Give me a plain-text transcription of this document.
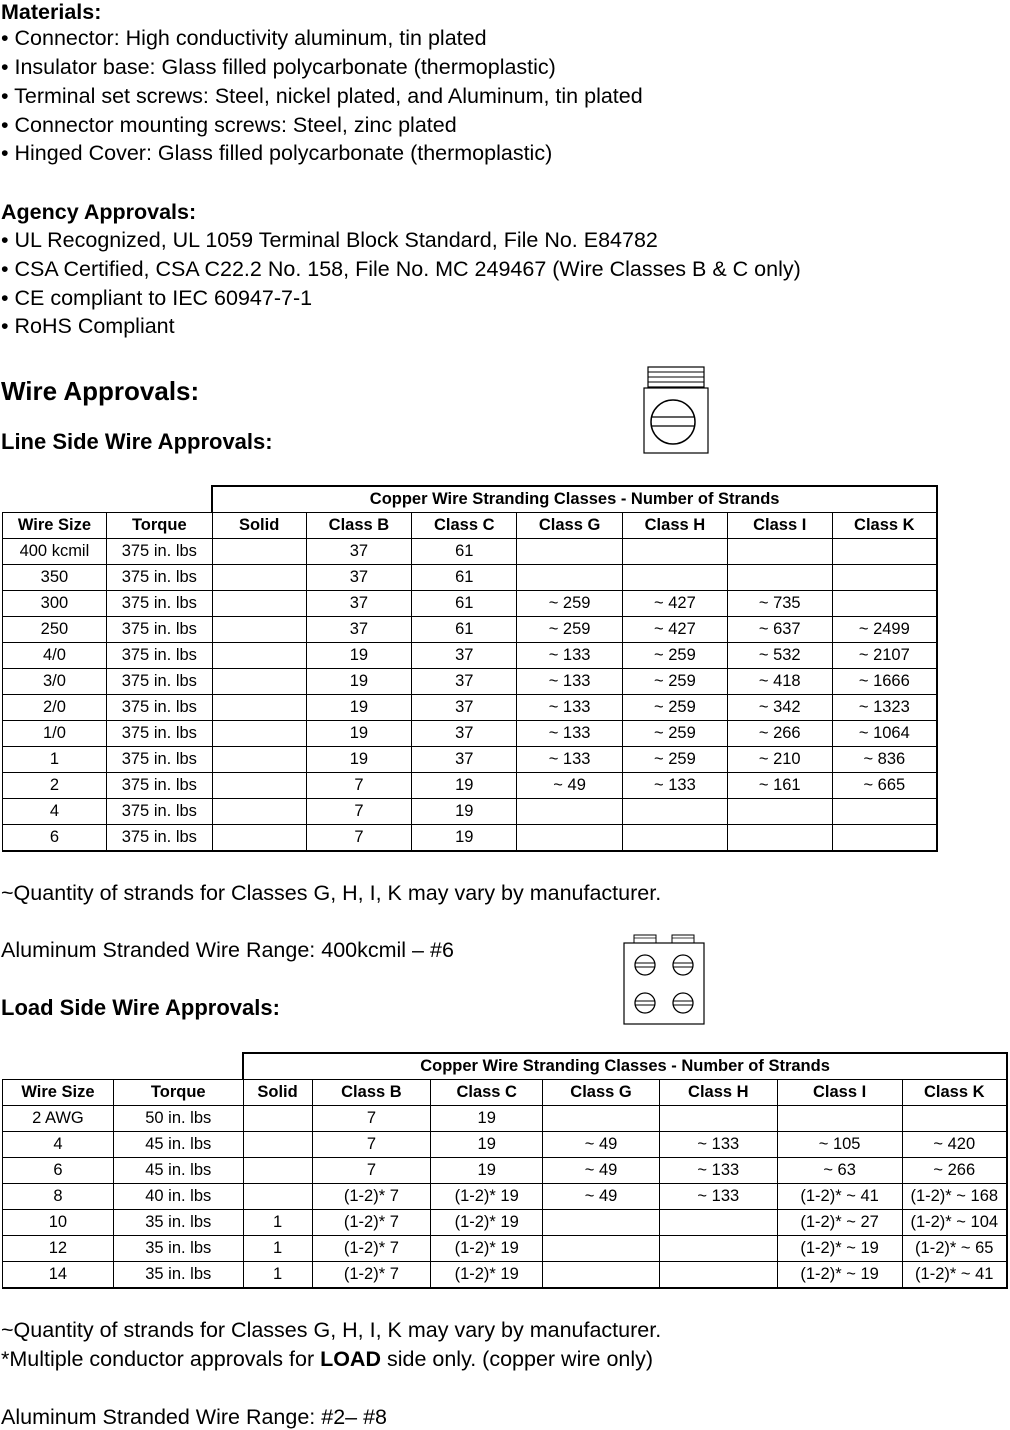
Materials:
• Connector: High conductivity aluminum, tin plated
• Insulator base: Glass filled polycarbonate (thermoplastic)
• Terminal set screws: Steel, nickel plated, and Aluminum, tin plated
• Connector mounting screws: Steel, zinc plated
• Hinged Cover: Glass filled polycarbonate (thermoplastic)
Agency Approvals:
• UL Recognized, UL 1059 Terminal Block Standard, File No. E84782
• CSA Certified, CSA C22.2 No. 158, File No. MC 249467 (Wire Classes B & C only)
• CE compliant to IEC 60947-7-1
• RoHS Compliant
Wire Approvals:
Line Side Wire Approvals:
		Copper Wire Stranding Classes - Number of Strands						
Wire Size	Torque	Solid	Class B	Class C	Class G	Class H	Class I	Class K
400 kcmil	375 in. lbs		37	61				
350	375 in. lbs		37	61				
300	375 in. lbs		37	61	~ 259	~ 427	~ 735	
250	375 in. lbs		37	61	~ 259	~ 427	~ 637	~ 2499
4/0	375 in. lbs		19	37	~ 133	~ 259	~ 532	~ 2107
3/0	375 in. lbs		19	37	~ 133	~ 259	~ 418	~ 1666
2/0	375 in. lbs		19	37	~ 133	~ 259	~ 342	~ 1323
1/0	375 in. lbs		19	37	~ 133	~ 259	~ 266	~ 1064
1	375 in. lbs		19	37	~ 133	~ 259	~ 210	~ 836
2	375 in. lbs		7	19	~ 49	~ 133	~ 161	~ 665
4	375 in. lbs		7	19				
6	375 in. lbs		7	19				
~Quantity of strands for Classes G, H, I, K may vary by manufacturer.
Aluminum Stranded Wire Range: 400kcmil – #6
Load Side Wire Approvals:
		Copper Wire Stranding Classes - Number of Strands						
Wire Size	Torque	Solid	Class B	Class C	Class G	Class H	Class I	Class K
2 AWG	50 in. lbs		7	19				
4	45 in. lbs		7	19	~ 49	~ 133	~ 105	~ 420
6	45 in. lbs		7	19	~ 49	~ 133	~ 63	~ 266
8	40 in. lbs		(1-2)* 7	(1-2)* 19	~ 49	~ 133	(1-2)* ~ 41	(1-2)* ~ 168
10	35 in. lbs	1	(1-2)* 7	(1-2)* 19			(1-2)* ~ 27	(1-2)* ~ 104
12	35 in. lbs	1	(1-2)* 7	(1-2)* 19			(1-2)* ~ 19	(1-2)* ~ 65
14	35 in. lbs	1	(1-2)* 7	(1-2)* 19			(1-2)* ~ 19	(1-2)* ~ 41
~Quantity of strands for Classes G, H, I, K may vary by manufacturer.
*Multiple conductor approvals for LOAD side only. (copper wire only)
Aluminum Stranded Wire Range: #2– #8
